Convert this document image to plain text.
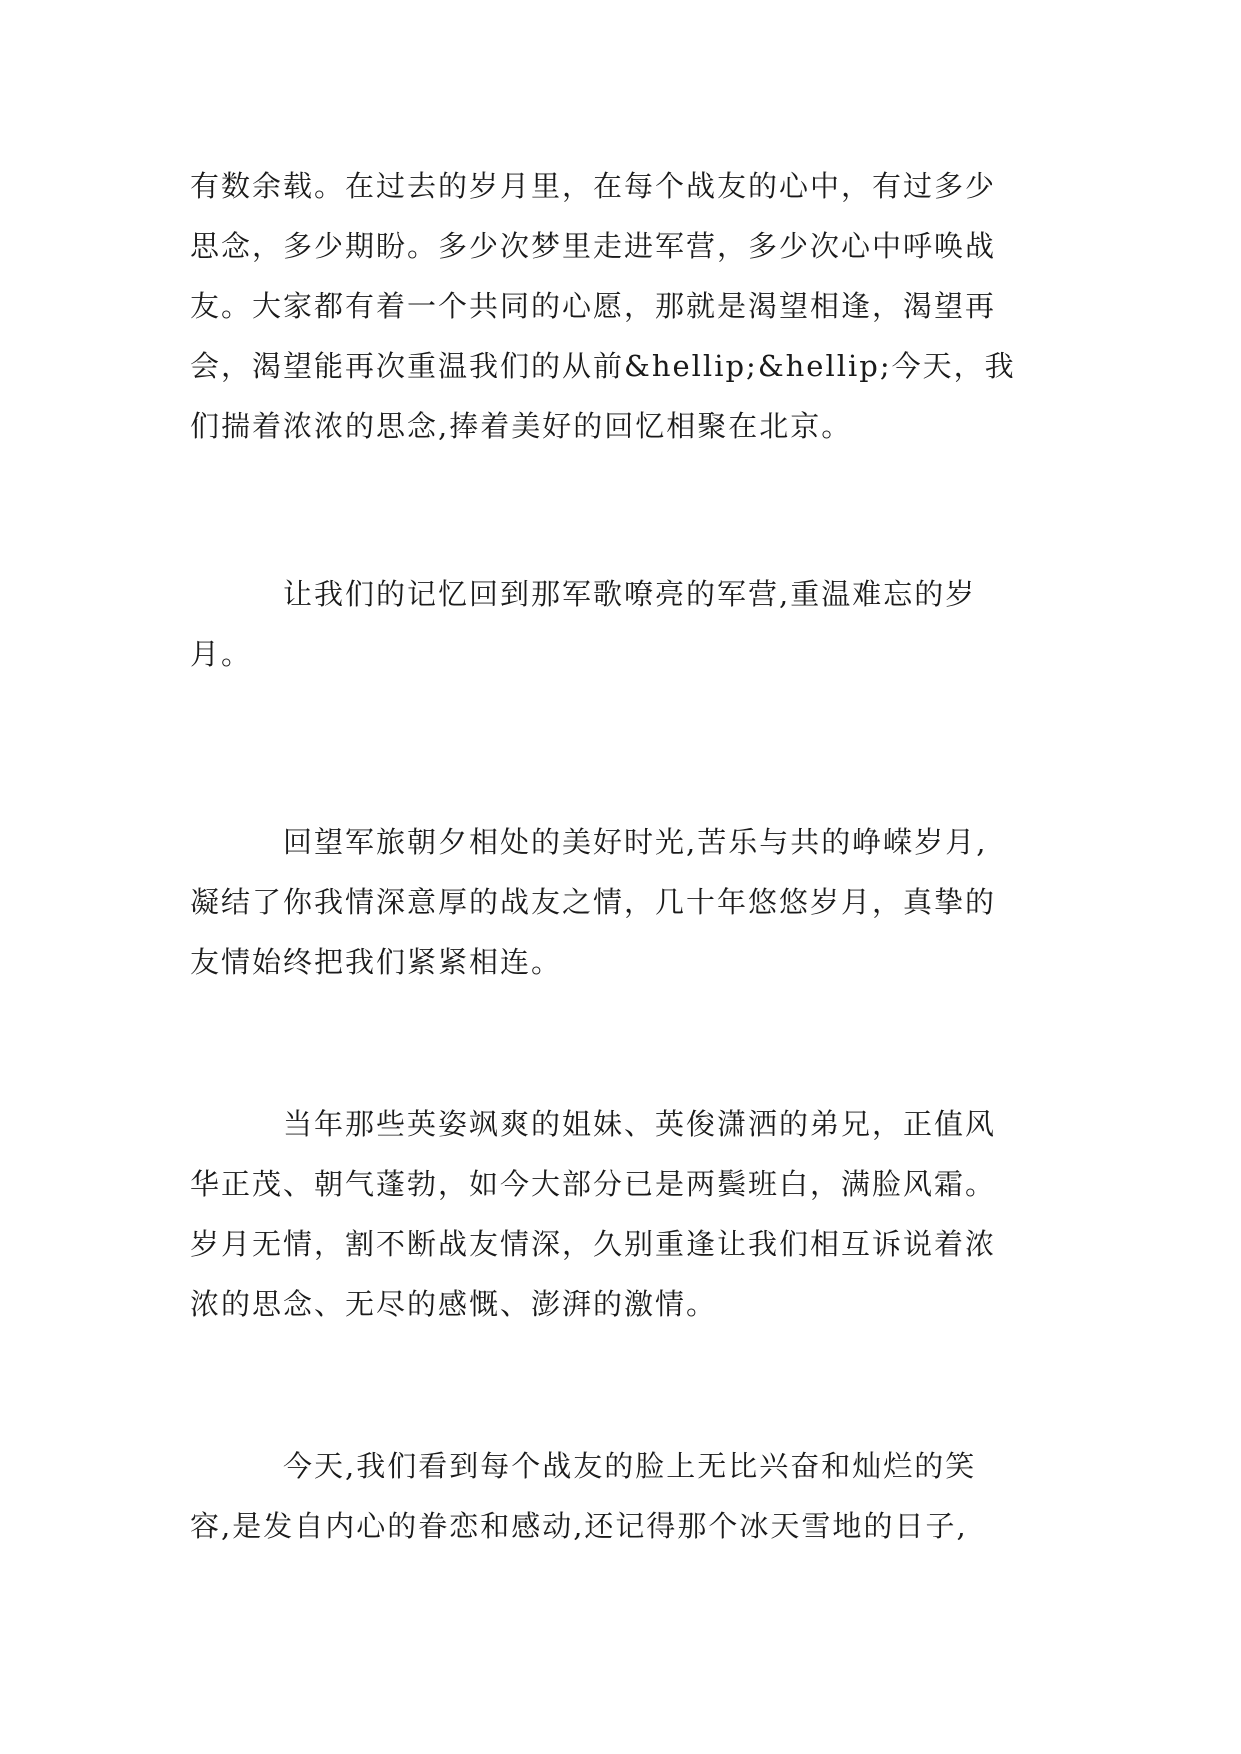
有数余载。在过去的岁月里，在每个战友的心中，有过多少
思念，多少期盼。多少次梦里走进军营，多少次心中呼唤战
友。大家都有着一个共同的心愿，那就是渴望相逢，渴望再
会，渴望能再次重温我们的从前&hellip;&hellip;今天，我
们揣着浓浓的思念,捧着美好的回忆相聚在北京。
　　　让我们的记忆回到那军歌嘹亮的军营,重温难忘的岁
月。
　　　回望军旅朝夕相处的美好时光,苦乐与共的峥嵘岁月,
凝结了你我情深意厚的战友之情，几十年悠悠岁月，真挚的
友情始终把我们紧紧相连。
　　　当年那些英姿飒爽的姐妹、英俊潇洒的弟兄，正值风
华正茂、朝气蓬勃，如今大部分已是两鬓班白，满脸风霜。
岁月无情，割不断战友情深，久别重逢让我们相互诉说着浓
浓的思念、无尽的感慨、澎湃的激情。
　　　今天,我们看到每个战友的脸上无比兴奋和灿烂的笑
容,是发自内心的眷恋和感动,还记得那个冰天雪地的日子,
